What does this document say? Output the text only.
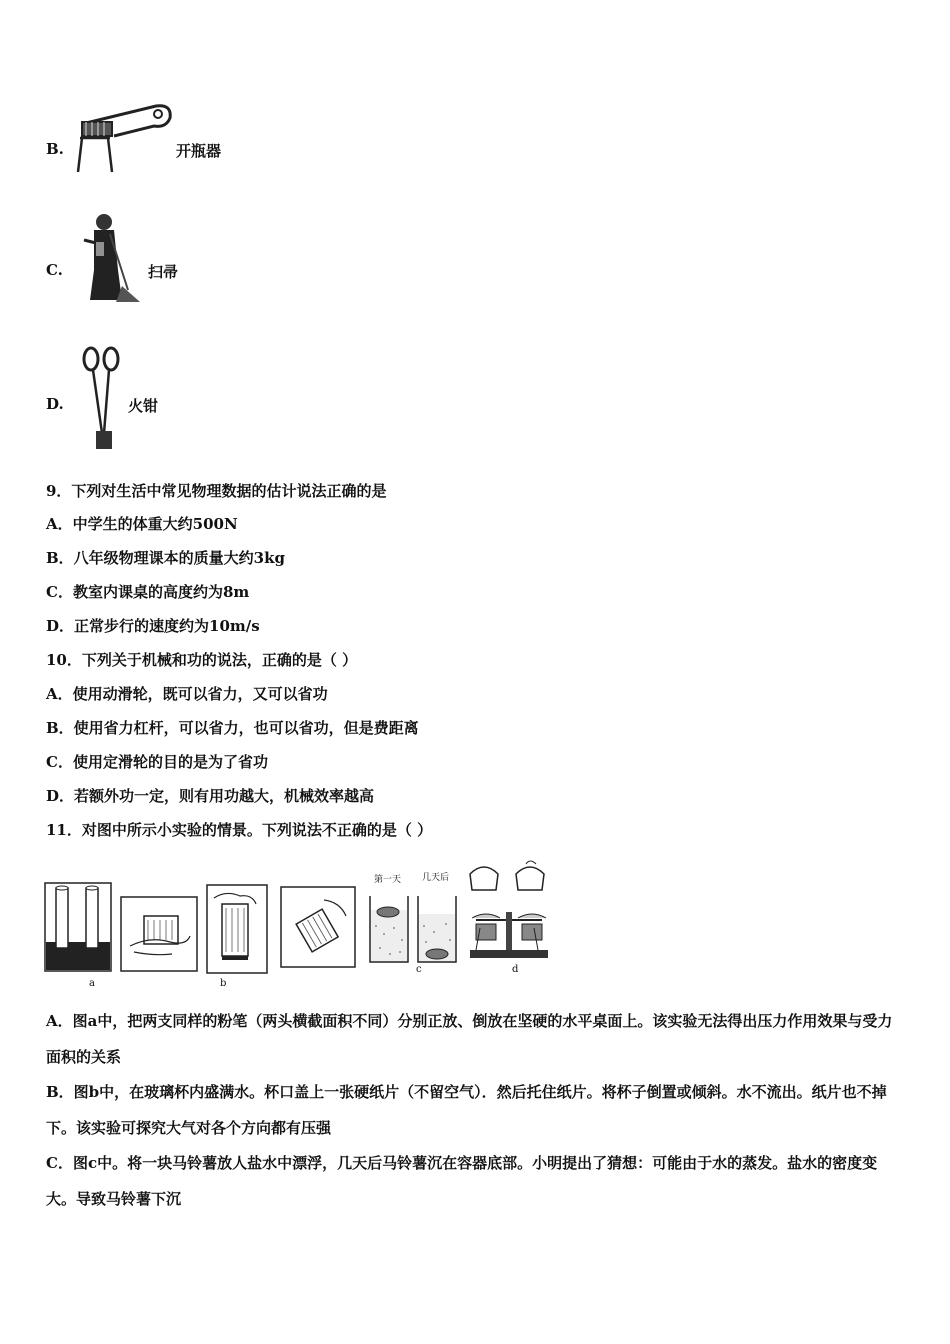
B.	开瓶器
C.	扫帚
D.	火钳
9．下列对生活中常见物理数据的估计说法正确的是
A．中学生的体重大约500N
B．八年级物理课本的质量大约3kg
C．教室内课桌的高度约为8m
D．正常步行的速度约为10m/s
10．下列关于机械和功的说法，正确的是（ ）
A．使用动滑轮，既可以省力，又可以省功
B．使用省力杠杆，可以省力，也可以省功，但是费距离
C．使用定滑轮的目的是为了省功
D．若额外功一定，则有用功越大，机械效率越高
11．对图中所示小实验的情景。下列说法不正确的是（ ）
第一天 几天后
a	b
c	d
A．图a中，把两支同样的粉笔（两头横截面积不同）分别正放、倒放在坚硬的水平桌面上。该实验无法得出压力作用效果与受力面积的关系
B．图b中，在玻璃杯内盛满水。杯口盖上一张硬纸片（不留空气）．然后托住纸片。将杯子倒置或倾斜。水不流出。纸片也不掉下。该实验可探究大气对各个方向都有压强
C．图c中。将一块马铃薯放人盐水中漂浮，几天后马铃薯沉在容器底部。小明提出了猜想：可能由于水的蒸发。盐水的密度变大。导致马铃薯下沉
